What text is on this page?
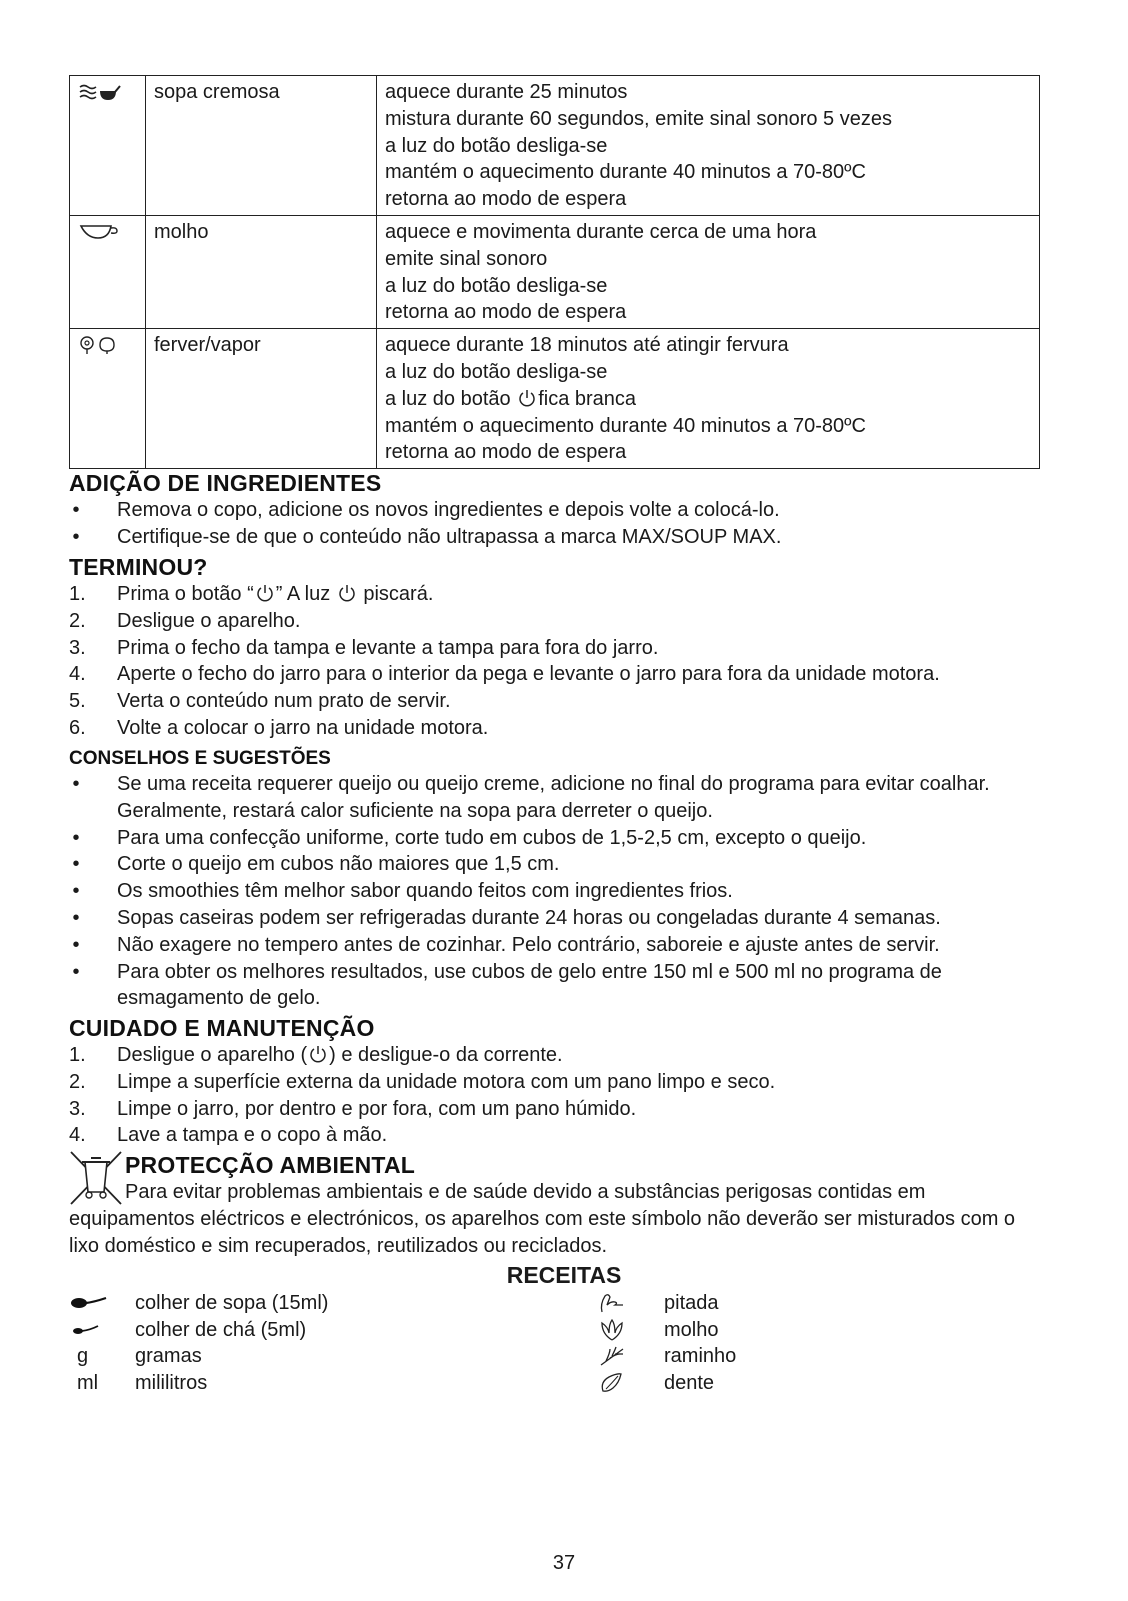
	sopa cremosa	aquece durante 25 minutos
mistura durante 60 segundos, emite sinal sonoro 5 vezes
a luz do botão desliga-se
mantém o aquecimento durante 40 minutos a 70-80ºC
retorna ao modo de espera

	molho	aquece e movimenta durante cerca de uma hora
emite sinal sonoro
a luz do botão desliga-se
retorna ao modo de espera

	ferver/vapor	aquece durante 18 minutos até atingir fervura
a luz do botão desliga-se
a luz do botão fica branca
mantém o aquecimento durante 40 minutos a 70-80ºC
retorna ao modo de espera
ADIÇÃO DE INGREDIENTES
• Remova o copo, adicione os novos ingredientes e depois volte a colocá-lo.
• Certifique-se de que o conteúdo não ultrapassa a marca MAX/SOUP MAX.
TERMINOU?
1. Prima o botão “ ” A luz piscará.
2. Desligue o aparelho.
3. Prima o fecho da tampa e levante a tampa para fora do jarro.
4. Aperte o fecho do jarro para o interior da pega e levante o jarro para fora da unidade motora.
5. Verta o conteúdo num prato de servir.
6. Volte a colocar o jarro na unidade motora.
CONSELHOS E SUGESTÕES
• Se uma receita requerer queijo ou queijo creme, adicione no final do programa para evitar coalhar.
Geralmente, restará calor suficiente na sopa para derreter o queijo.
• Para uma confecção uniforme, corte tudo em cubos de 1,5-2,5 cm, excepto o queijo.
• Corte o queijo em cubos não maiores que 1,5 cm.
• Os smoothies têm melhor sabor quando feitos com ingredientes frios.
• Sopas caseiras podem ser refrigeradas durante 24 horas ou congeladas durante 4 semanas.
• Não exagere no tempero antes de cozinhar. Pelo contrário, saboreie e ajuste antes de servir.
• Para obter os melhores resultados, use cubos de gelo entre 150 ml e 500 ml no programa de
esmagamento de gelo.
CUIDADO E MANUTENÇÃO
1. Desligue o aparelho ( ) e desligue-o da corrente.
2. Limpe a superfície externa da unidade motora com um pano limpo e seco.
3. Limpe o jarro, por dentro e por fora, com um pano húmido.
4. Lave a tampa e o copo à mão.
PROTECÇÃO AMBIENTAL
Para evitar problemas ambientais e de saúde devido a substâncias perigosas contidas em
equipamentos eléctricos e electrónicos, os aparelhos com este símbolo não deverão ser misturados com o
lixo doméstico e sim recuperados, reutilizados ou reciclados.
RECEITAS
colher de sopa (15ml)
colher de chá (5ml)
g	gramas
ml	mililitros
pitada
molho
raminho
dente
37
